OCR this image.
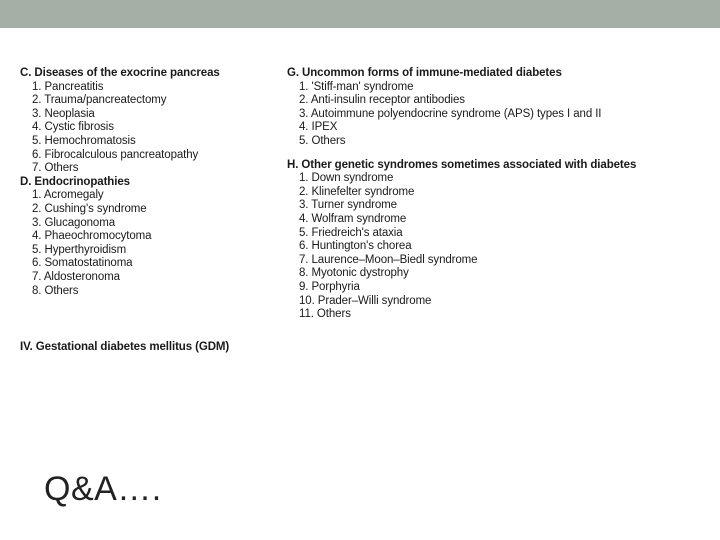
C. Diseases of the exocrine pancreas
1. Pancreatitis
2. Trauma/pancreatectomy
3. Neoplasia
4. Cystic fibrosis
5. Hemochromatosis
6. Fibrocalculous pancreatopathy
7. Others
D. Endocrinopathies
1. Acromegaly
2. Cushing's syndrome
3. Glucagonoma
4. Phaeochromocytoma
5. Hyperthyroidism
6. Somatostatinoma
7. Aldosteronoma
8. Others
IV. Gestational diabetes mellitus (GDM)
G. Uncommon forms of immune-mediated diabetes
1. 'Stiff-man' syndrome
2. Anti-insulin receptor antibodies
3. Autoimmune polyendocrine syndrome (APS) types I and II
4. IPEX
5. Others
H. Other genetic syndromes sometimes associated with diabetes
1. Down syndrome
2. Klinefelter syndrome
3. Turner syndrome
4. Wolfram syndrome
5. Friedreich's ataxia
6. Huntington's chorea
7. Laurence–Moon–Biedl syndrome
8. Myotonic dystrophy
9. Porphyria
10. Prader–Willi syndrome
11. Others
Q&A….
